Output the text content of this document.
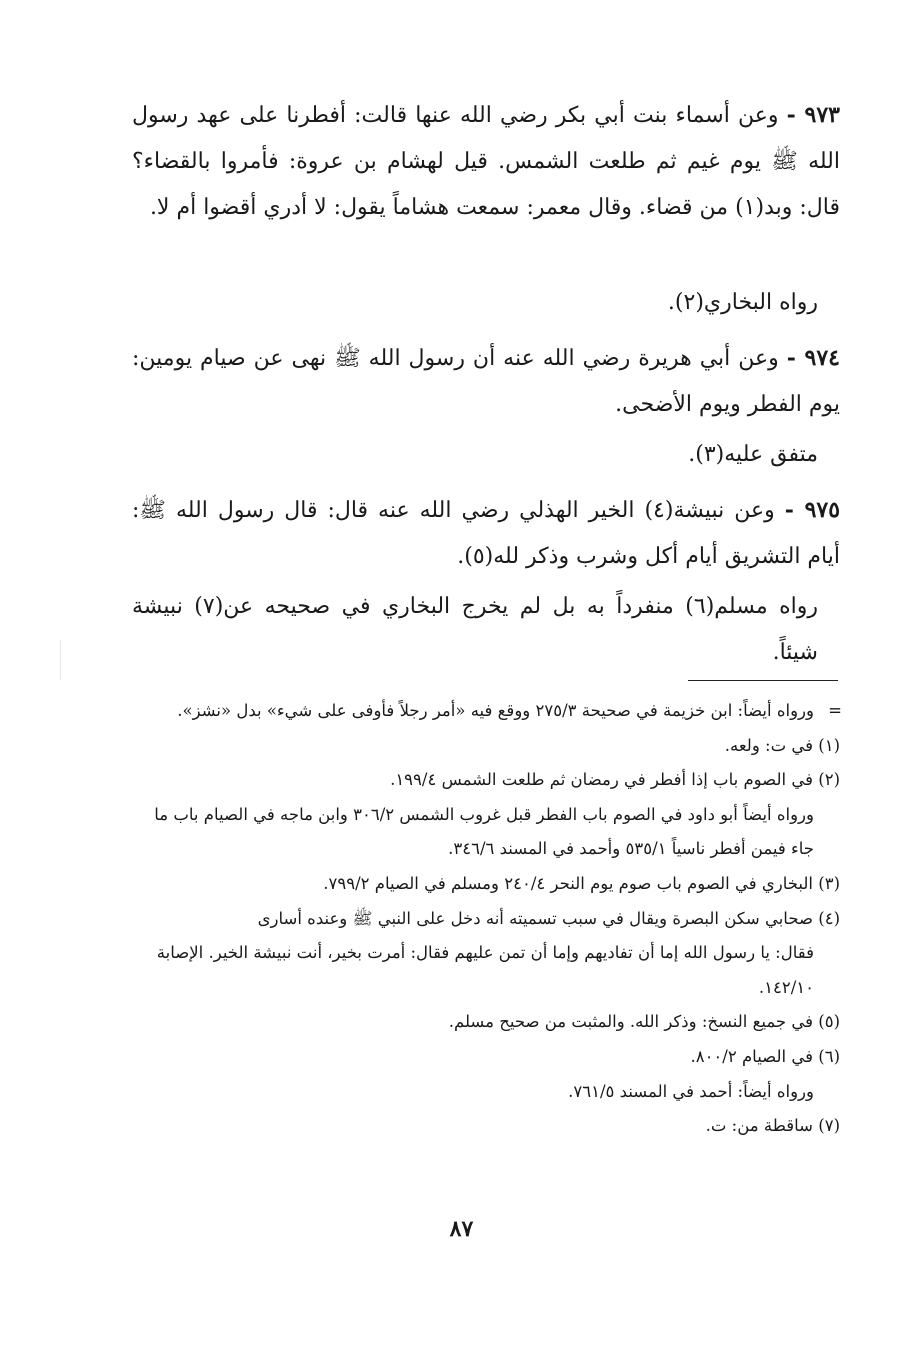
٩٧٣ - وعن أسماء بنت أبي بكر رضي الله عنها قالت: أفطرنا على عهد رسول الله ﷺ يوم غيم ثم طلعت الشمس. قيل لهشام بن عروة: فأمروا بالقضاء؟ قال: وبد(١) من قضاء. وقال معمر: سمعت هشاماً يقول: لا أدري أقضوا أم لا.

رواه البخاري(٢).

٩٧٤ - وعن أبي هريرة رضي الله عنه أن رسول الله ﷺ نهى عن صيام يومين: يوم الفطر ويوم الأضحى.

متفق عليه(٣).

٩٧٥ - وعن نبيشة(٤) الخير الهذلي رضي الله عنه قال: قال رسول الله ﷺ: أيام التشريق أيام أكل وشرب وذكر لله(٥).

رواه مسلم(٦) منفرداً به بل لم يخرج البخاري في صحيحه عن(٧) نبيشة شيئاً.

=
ورواه أيضاً: ابن خزيمة في صحيحة ٢٧٥/٣ ووقع فيه «أمر رجلاً فأوفى على شيء» بدل «نشز».

(١) في ت: ولعه.

(٢) في الصوم باب إذا أفطر في رمضان ثم طلعت الشمس ١٩٩/٤.

ورواه أيضاً أبو داود في الصوم باب الفطر قبل غروب الشمس ٣٠٦/٢ وابن ماجه في الصيام باب ما جاء فيمن أفطر ناسياً ٥٣٥/١ وأحمد في المسند ٣٤٦/٦.

(٣) البخاري في الصوم باب صوم يوم النحر ٢٤٠/٤ ومسلم في الصيام ٧٩٩/٢.

(٤) صحابي سكن البصرة ويقال في سبب تسميته أنه دخل على النبي ﷺ وعنده أسارى

فقال: يا رسول الله إما أن تفاديهم وإما أن تمن عليهم فقال: أمرت بخير، أنت نبيشة الخير. الإصابة ١٤٢/١٠.

(٥) في جميع النسخ: وذكر الله. والمثبت من صحيح مسلم.

(٦) في الصيام ٨٠٠/٢.

ورواه أيضاً: أحمد في المسند ٧٦١/٥.

(٧) ساقطة من: ت.

٨٧
